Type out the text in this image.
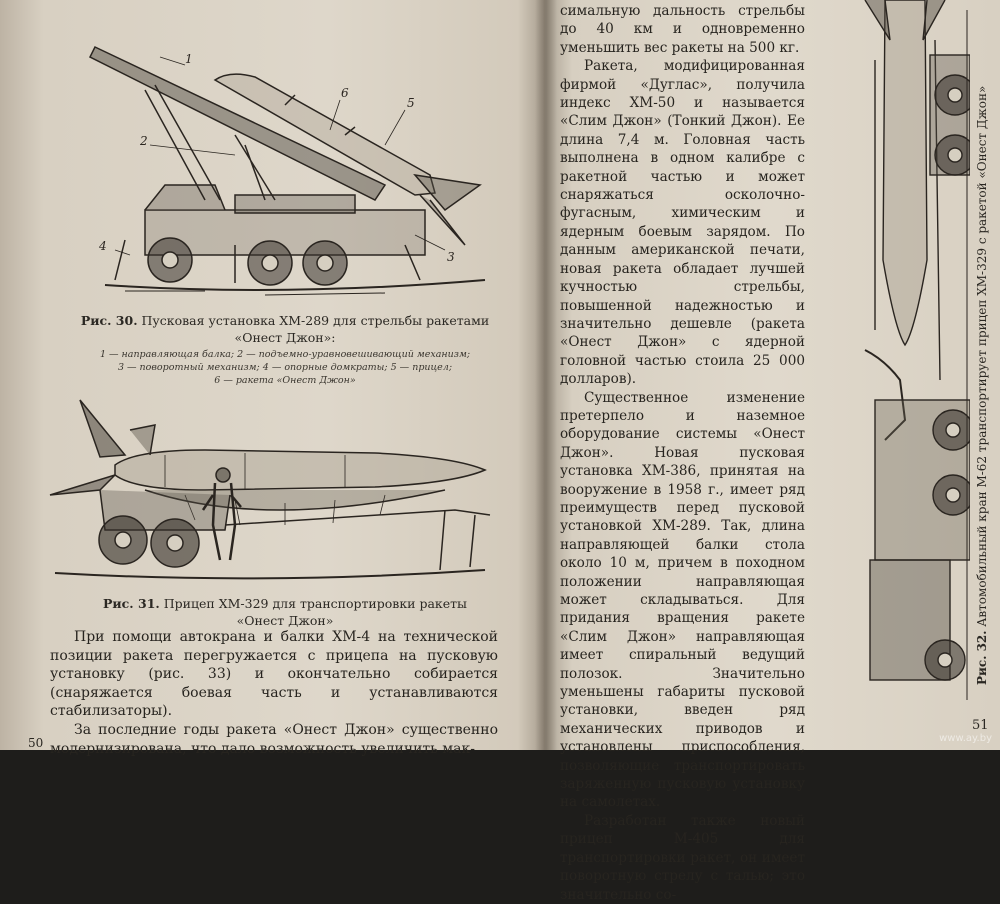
1
2
3
4
5
6
Рис. 30. Пусковая установка XM-289 для стрельбы ракетами
«Онест Джон»:
1 — направляющая балка; 2 — подъемно-уравновешивающий механизм;
3 — поворотный механизм; 4 — опорные домкраты; 5 — прицел;
6 — ракета «Онест Джон»
Рис. 31. Прицеп XM-329 для транспортировки ракеты
«Онест Джон»

При помощи автокрана и балки XM-4 на технической позиции ракета перегружается с прицепа на пусковую установку (рис. 33) и окончательно собирается (снаряжается боевая часть и устанавливаются стабилизаторы).

За последние годы ракета «Онест Джон» существенно модернизирована, что дало возможность увеличить мак-

50

симальную дальность стрельбы до 40 км и одновременно уменьшить вес ракеты на 500 кг.

Ракета, модифицированная фирмой «Дуглас», получила индекс XM-50 и называется «Слим Джон» (Тонкий Джон). Ее длина 7,4 м. Головная часть выполнена в одном калибре с ракетной частью и может снаряжаться осколочно-фугасным, химическим и ядерным боевым зарядом. По данным американской печати, новая ракета обладает лучшей кучностью стрельбы, повышенной надежностью и значительно дешевле (ракета «Онест Джон» с ядерной головной частью стоила 25 000 долларов).

Существенное изменение претерпело и наземное оборудование системы «Онест Джон». Новая пусковая установка XM-386, принятая на вооружение в 1958 г., имеет ряд преимуществ перед пусковой установкой XM-289. Так, длина направляющей балки стола около 10 м, причем в походном положении направляющая может складываться. Для придания вращения ракете «Слим Джон» направляющая имеет спиральный ведущий полозок. Значительно уменьшены габариты пусковой установки, введен ряд механических приводов и установлены приспособления, позволяющие транспортировать заряженную пусковую установку на самолетах.

Разработан также новый прицеп M-405 для транспортировки ракет, он имеет поворотную стрелу с талью; это значительно со-

Рис. 32. Автомобильный кран M-62 транспортирует прицеп XM-329 с ракетой «Онест Джон»
51
www.ay.by
